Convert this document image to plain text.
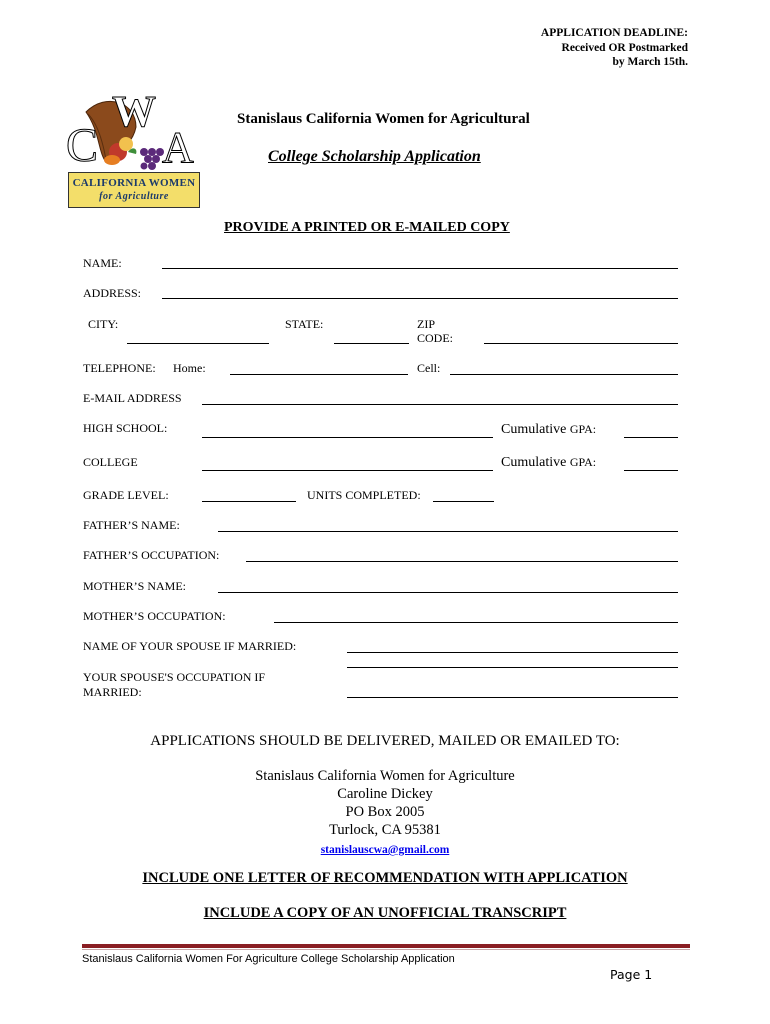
APPLICATION DEADLINE:
Received OR Postmarked
by March 15th.
W
C A
CALIFORNIA WOMEN
for Agriculture
Stanislaus California Women for Agricultural
College Scholarship Application
PROVIDE A PRINTED OR E-MAILED COPY
NAME:
ADDRESS:
CITY:	STATE:	ZIP
CODE:
TELEPHONE: Home:	Cell:
E-MAIL ADDRESS
HIGH SCHOOL:	Cumulative GPA:
COLLEGE	Cumulative GPA:
GRADE LEVEL:	UNITS COMPLETED:
FATHER’S NAME:
FATHER’S OCCUPATION:
MOTHER’S NAME:
MOTHER’S OCCUPATION:
NAME OF YOUR SPOUSE IF MARRIED:
YOUR SPOUSE'S OCCUPATION IF
MARRIED:
APPLICATIONS SHOULD BE DELIVERED, MAILED OR EMAILED TO:
Stanislaus California Women for Agriculture
Caroline Dickey
PO Box 2005
Turlock, CA 95381
stanislauscwa@gmail.com
INCLUDE ONE LETTER OF RECOMMENDATION WITH APPLICATION
INCLUDE A COPY OF AN UNOFFICIAL TRANSCRIPT
Stanislaus California Women For Agriculture College Scholarship Application
Page 1
